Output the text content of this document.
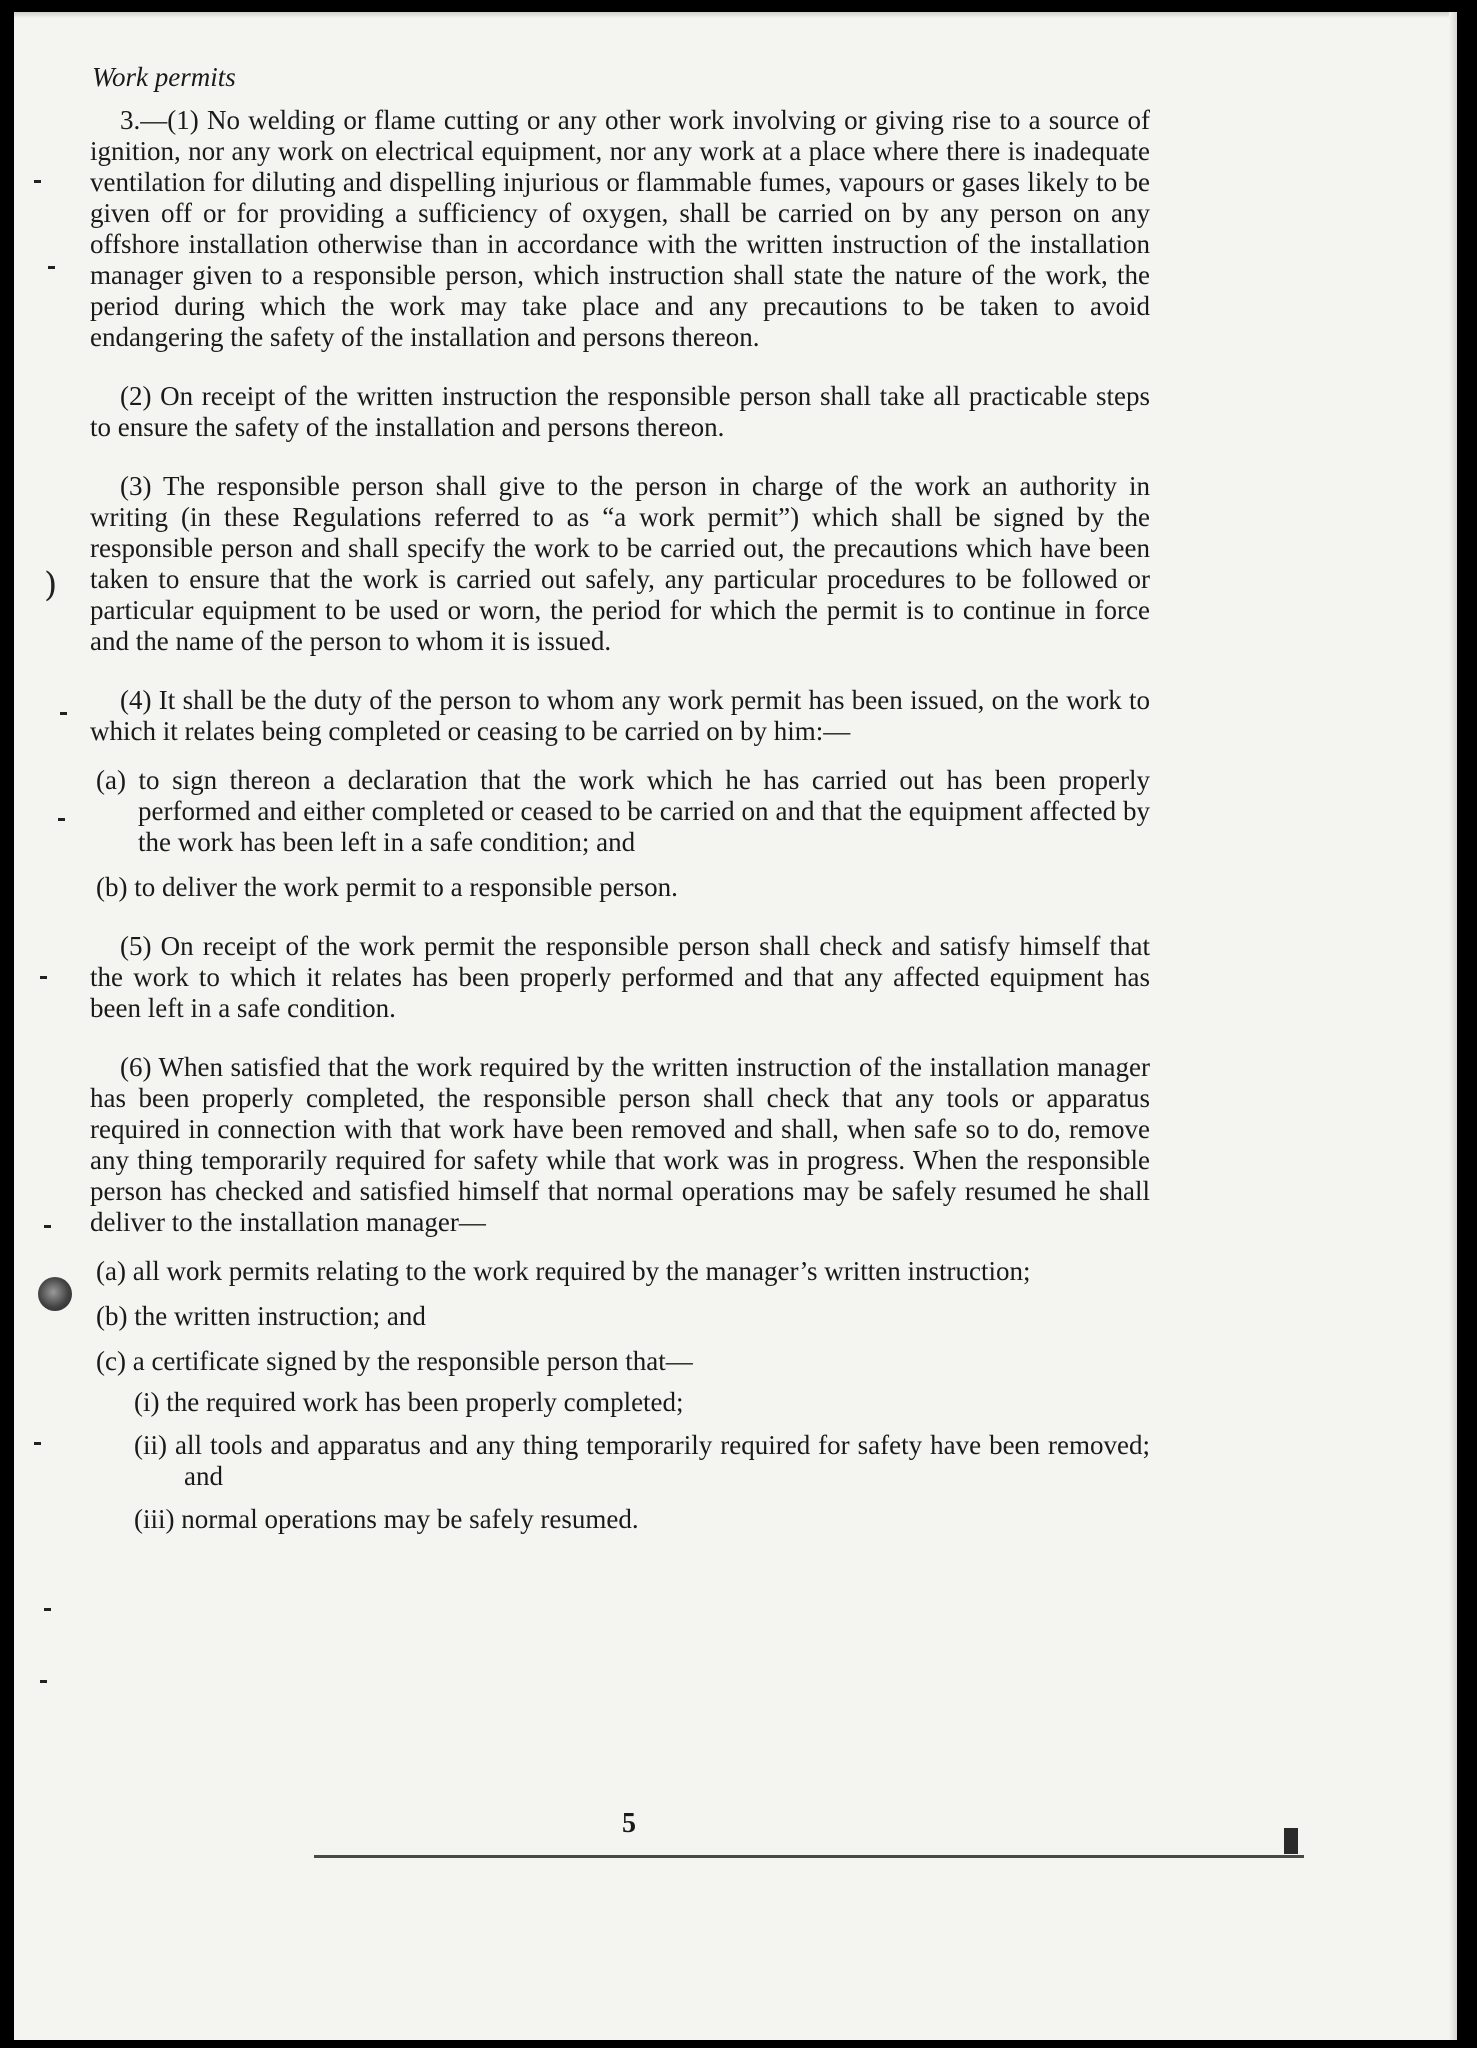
)
Work permits

3.—(1) No welding or flame cutting or any other work involving or giving rise to a source of ignition, nor any work on electrical equipment, nor any work at a place where there is inadequate ventilation for diluting and dispelling injurious or flammable fumes, vapours or gases likely to be given off or for providing a sufficiency of oxygen, shall be carried on by any person on any offshore installation otherwise than in accordance with the written instruction of the installation manager given to a responsible person, which instruction shall state the nature of the work, the period during which the work may take place and any precautions to be taken to avoid endangering the safety of the installation and persons thereon.

(2) On receipt of the written instruction the responsible person shall take all practicable steps to ensure the safety of the installation and persons thereon.

(3) The responsible person shall give to the person in charge of the work an authority in writing (in these Regulations referred to as “a work permit”) which shall be signed by the responsible person and shall specify the work to be carried out, the precautions which have been taken to ensure that the work is carried out safely, any particular procedures to be followed or particular equipment to be used or worn, the period for which the permit is to continue in force and the name of the person to whom it is issued.

(4) It shall be the duty of the person to whom any work permit has been issued, on the work to which it relates being completed or ceasing to be carried on by him:—

(a) to sign thereon a declaration that the work which he has carried out has been properly performed and either completed or ceased to be carried on and that the equipment affected by the work has been left in a safe condition; and

(b) to deliver the work permit to a responsible person.

(5) On receipt of the work permit the responsible person shall check and satisfy himself that the work to which it relates has been properly performed and that any affected equipment has been left in a safe condition.

(6) When satisfied that the work required by the written instruction of the installation manager has been properly completed, the responsible person shall check that any tools or apparatus required in connection with that work have been removed and shall, when safe so to do, remove any thing temporarily required for safety while that work was in progress. When the responsible person has checked and satisfied himself that normal operations may be safely resumed he shall deliver to the installation manager—

(a) all work permits relating to the work required by the manager’s written instruction;

(b) the written instruction; and

(c) a certificate signed by the responsible person that—

(i) the required work has been properly completed;

(ii) all tools and apparatus and any thing temporarily required for safety have been removed; and

(iii) normal operations may be safely resumed.

5
